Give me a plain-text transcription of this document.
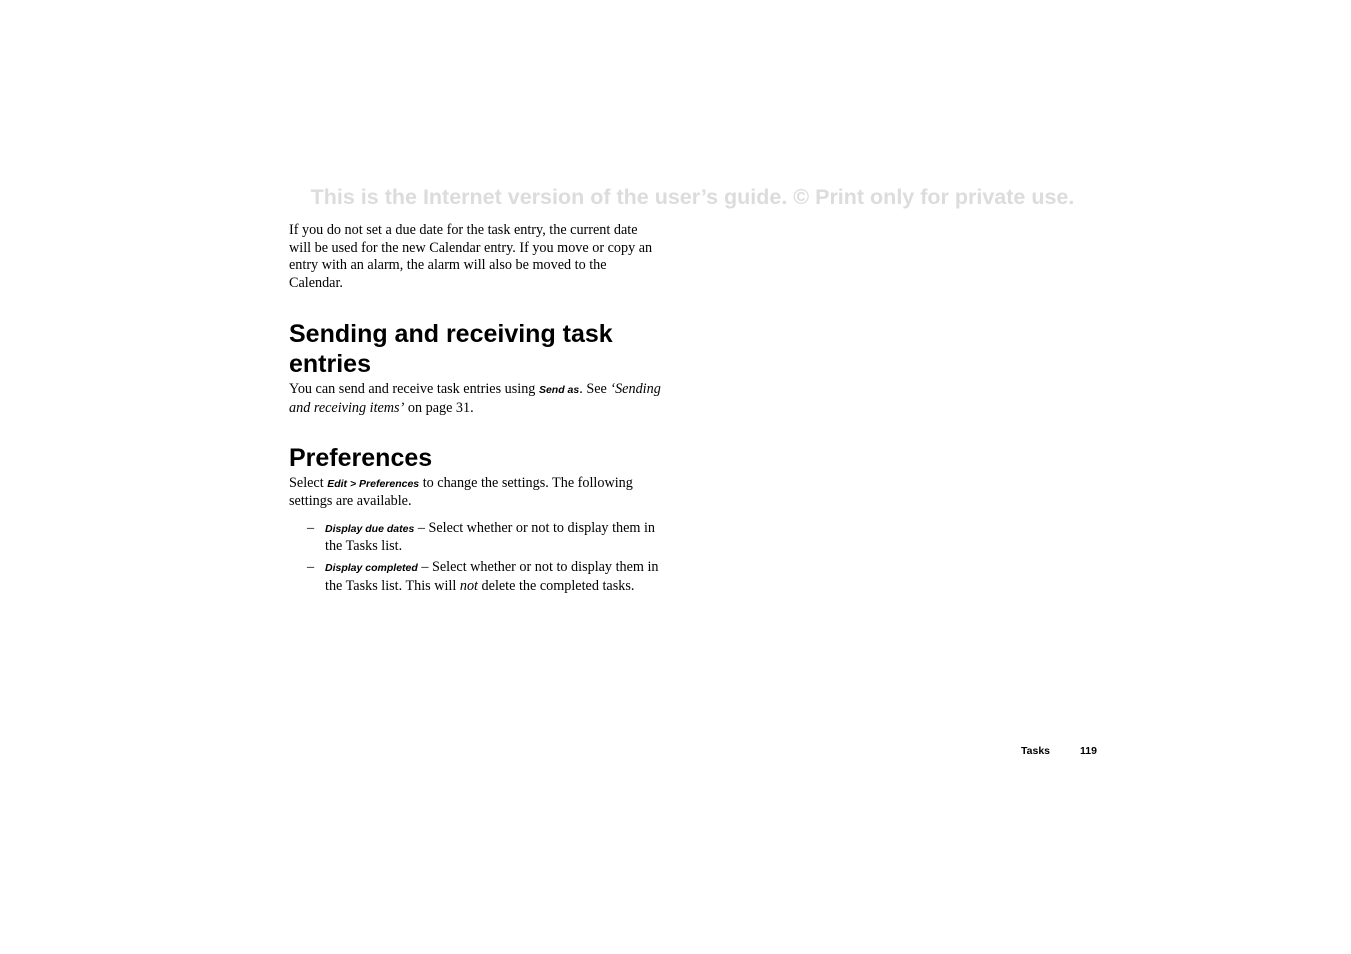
This is the Internet version of the user’s guide. © Print only for private use.

If you do not set a due date for the task entry, the current date will be used for the new Calendar entry. If you move or copy an entry with an alarm, the alarm will also be moved to the Calendar.

Sending and receiving task entries

You can send and receive task entries using Send as. See ‘Sending and receiving items’ on page 31.

Preferences

Select Edit > Preferences to change the settings. The following settings are available.

– Display due dates – Select whether or not to display them in the Tasks list.
– Display completed – Select whether or not to display them in the Tasks list. This will not delete the completed tasks.
Tasks	119
